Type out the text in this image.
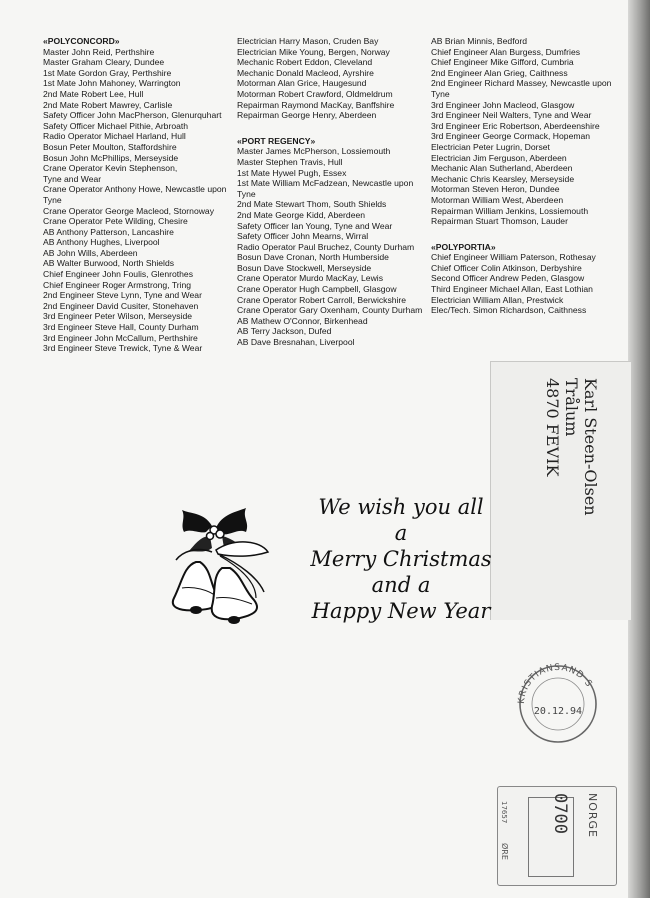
«POLYCONCORD»
Master John Reid, Perthshire
Master Graham Cleary, Dundee
1st Mate Gordon Gray, Perthshire
1st Mate John Mahoney, Warrington
2nd Mate Robert Lee, Hull
2nd Mate Robert Mawrey, Carlisle
Safety Officer John MacPherson, Glenurquhart
Safety Officer Michael Pithie, Arbroath
Radio Operator Michael Harland, Hull
Bosun Peter Moulton, Staffordshire
Bosun John McPhillips, Merseyside
Crane Operator Kevin Stephenson,
Tyne and Wear
Crane Operator Anthony Howe, Newcastle upon
Tyne
Crane Operator George Macleod, Stornoway
Crane Operator Pete Wilding, Chesire
AB Anthony Patterson, Lancashire
AB Anthony Hughes, Liverpool
AB John Wills, Aberdeen
AB Walter Burwood, North Shields
Chief Engineer John Foulis, Glenrothes
Chief Engineer Roger Armstrong, Tring
2nd Engineer Steve Lynn, Tyne and Wear
2nd Engineer David Cusiter, Stonehaven
3rd Engineer Peter Wilson, Merseyside
3rd Engineer Steve Hall, County Durham
3rd Engineer John McCallum, Perthshire
3rd Engineer Steve Trewick, Tyne & Wear
Electrician Harry Mason, Cruden Bay
Electrician Mike Young, Bergen, Norway
Mechanic Robert Eddon, Cleveland
Mechanic Donald Macleod, Ayrshire
Motorman Alan Grice, Haugesund
Motorman Robert Crawford, Oldmeldrum
Repairman Raymond MacKay, Banffshire
Repairman George Henry, Aberdeen
«PORT REGENCY»
Master James McPherson, Lossiemouth
Master Stephen Travis, Hull
1st Mate Hywel Pugh, Essex
1st Mate William McFadzean, Newcastle upon
Tyne
2nd Mate Stewart Thom, South Shields
2nd Mate George Kidd, Aberdeen
Safety Officer Ian Young, Tyne and Wear
Safety Officer John Mearns, Wirral
Radio Operator Paul Bruchez, County Durham
Bosun Dave Cronan, North Humberside
Bosun Dave Stockwell, Merseyside
Crane Operator Murdo MacKay, Lewis
Crane Operator Hugh Campbell, Glasgow
Crane Operator Robert Carroll, Berwickshire
Crane Operator Gary Oxenham, County Durham
AB Mathew O'Connor, Birkenhead
AB Terry Jackson, Dufed
AB Dave Bresnahan, Liverpool
AB Brian Minnis, Bedford
Chief Engineer Alan Burgess, Dumfries
Chief Engineer Mike Gifford, Cumbria
2nd Engineer Alan Grieg, Caithness
2nd Engineer Richard Massey, Newcastle upon
Tyne
3rd Engineer John Macleod, Glasgow
3rd Engineer Neil Walters, Tyne and Wear
3rd Engineer Eric Robertson, Aberdeenshire
3rd Engineer George Cormack, Hopeman
Electrician Peter Lugrin, Dorset
Electrician Jim Ferguson, Aberdeen
Mechanic Alan Sutherland, Aberdeen
Mechanic Chris Kearsley, Merseyside
Motorman Steven Heron, Dundee
Motorman William West, Aberdeen
Repairman William Jenkins, Lossiemouth
Repairman Stuart Thomson, Lauder
«POLYPORTIA»
Chief Engineer William Paterson, Rothesay
Chief Officer Colin Atkinson, Derbyshire
Second Officer Andrew Peden, Glasgow
Third Engineer Michael Allan, East Lothian
Electrician William Allan, Prestwick
Elec/Tech. Simon Richardson, Caithness
Karl Steen-Olsen
Trålum
4870 FEVIK
We wish you all
a
Merry Christmas
and a
Happy New Year
KRISTIANSAND S
20.12.94
17657
ØRE
0700 NORGE
